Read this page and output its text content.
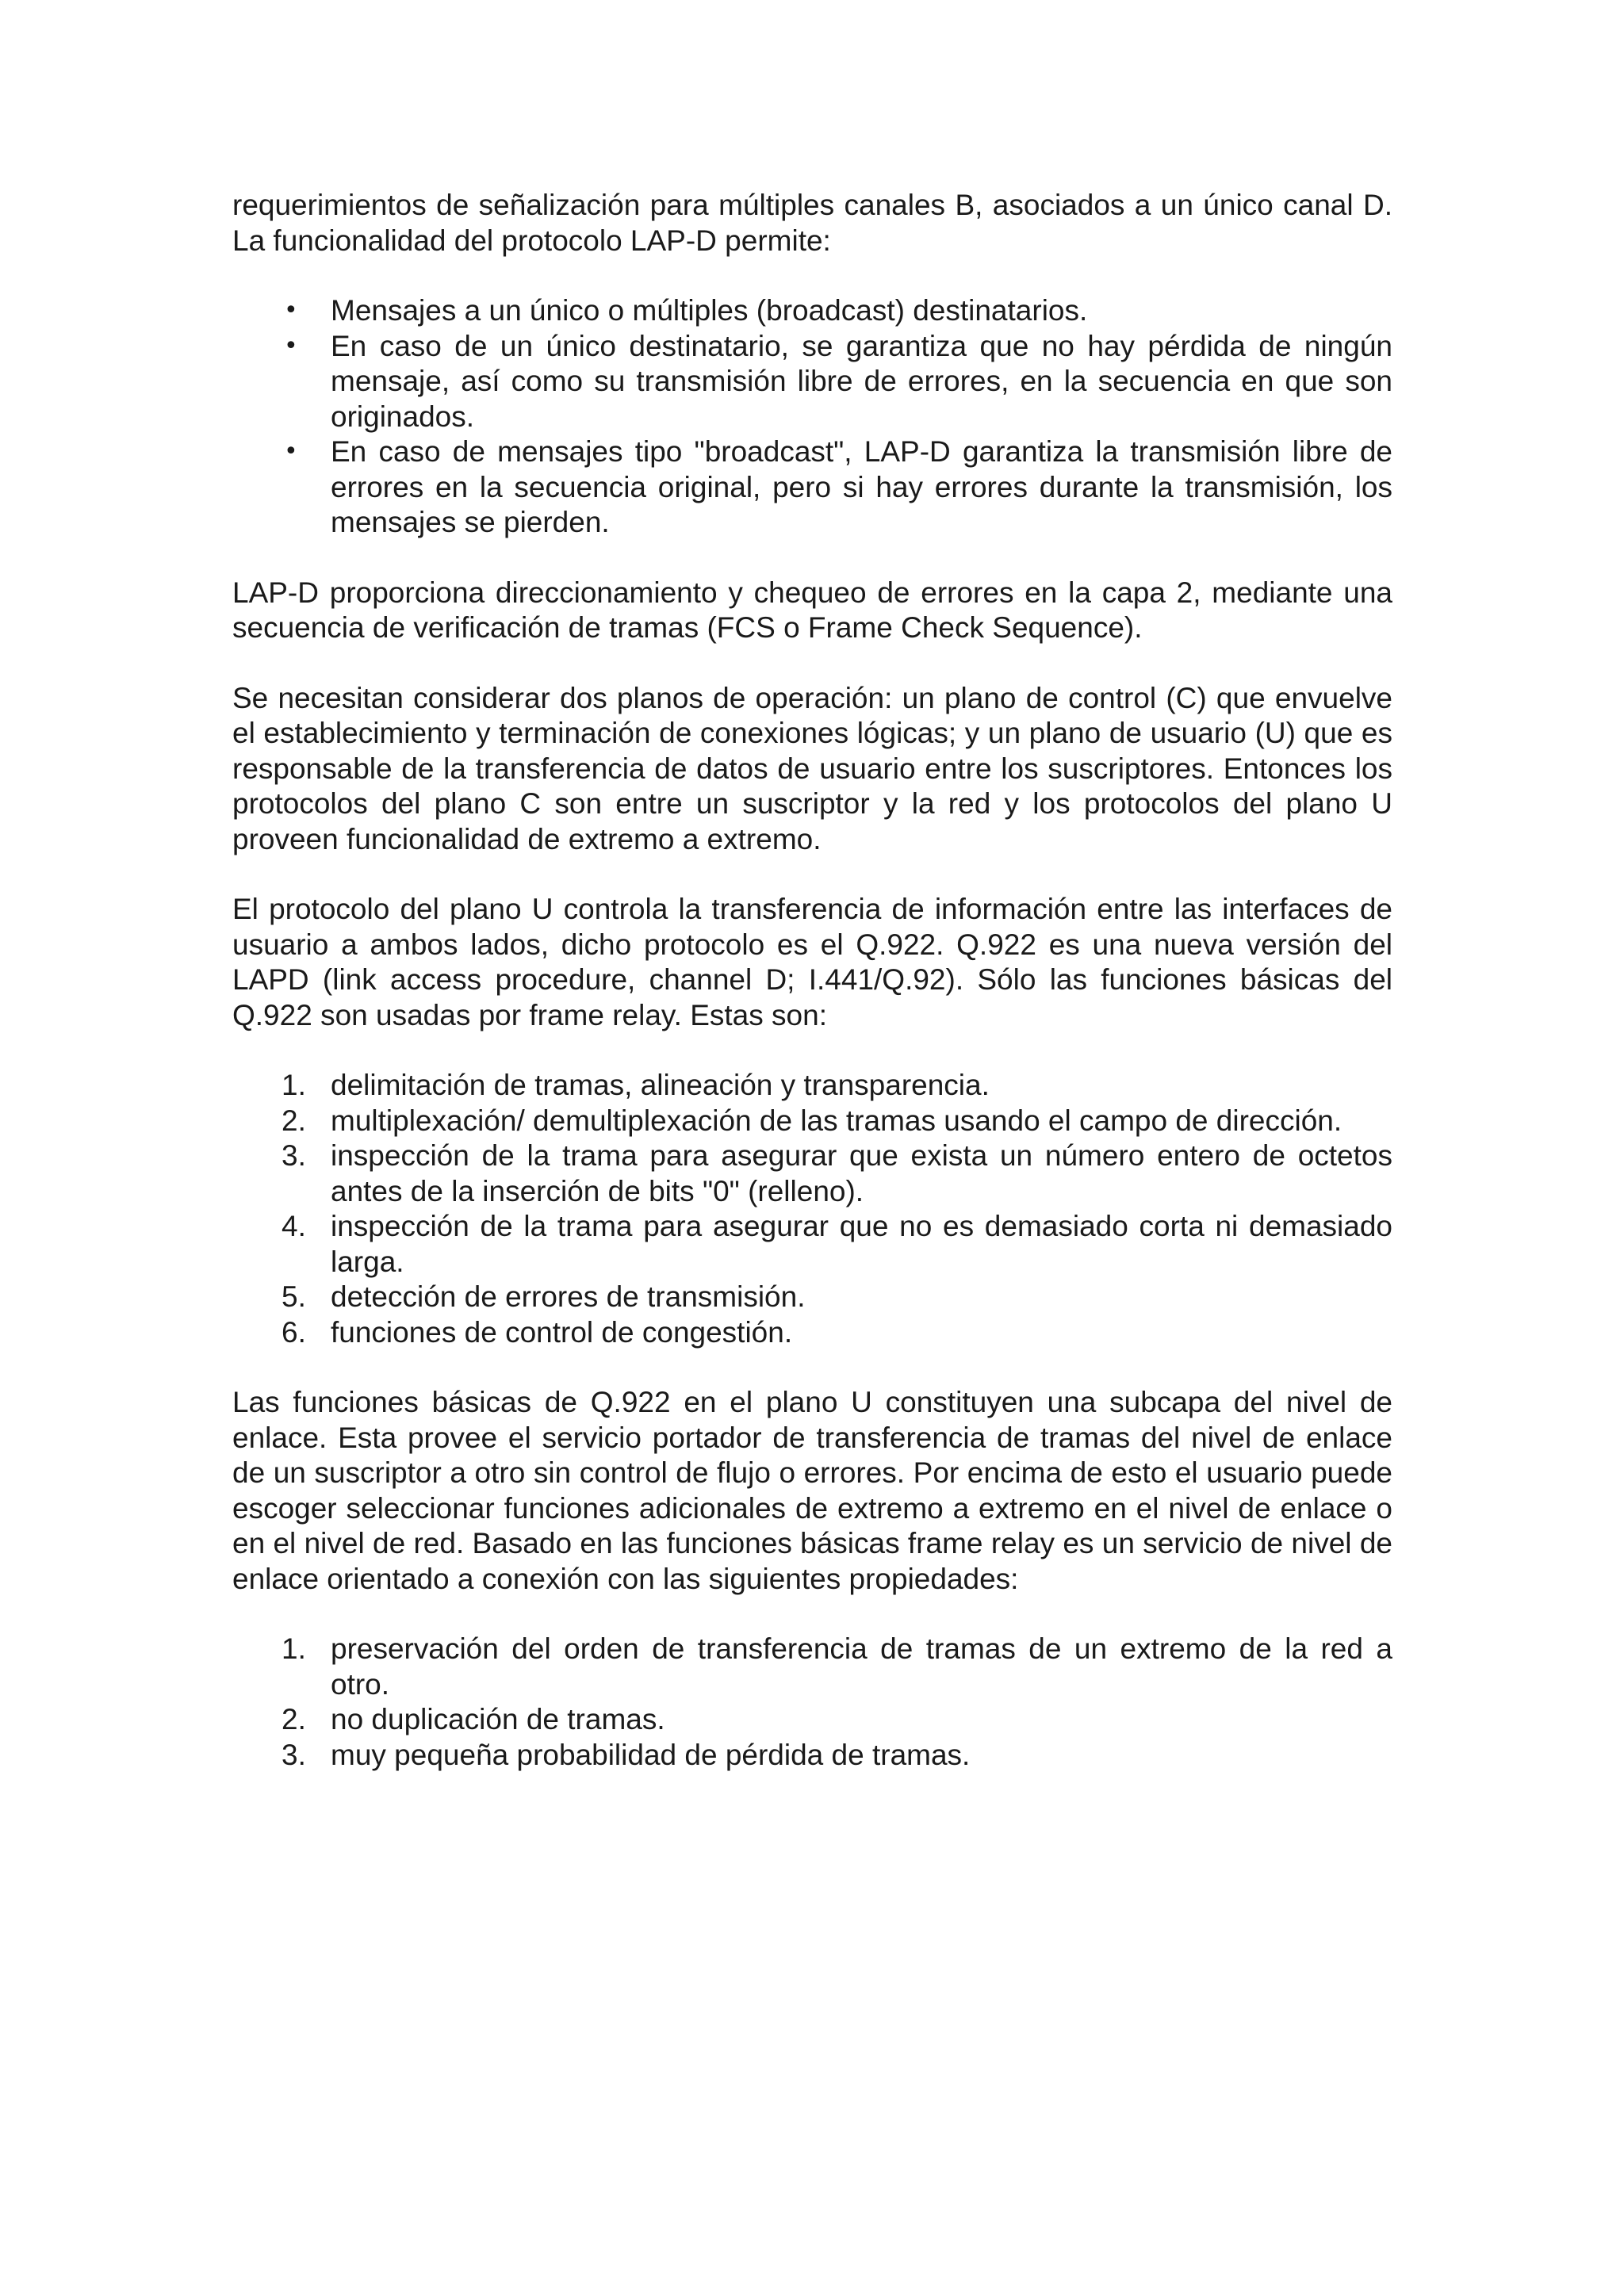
requerimientos de señalización para múltiples canales B, asociados a un único canal D. La funcionalidad del protocolo LAP-D permite:

• Mensajes a un único o múltiples (broadcast) destinatarios.
• En caso de un único destinatario, se garantiza que no hay pérdida de ningún mensaje, así como su transmisión libre de errores, en la secuencia en que son originados.
• En caso de mensajes tipo "broadcast", LAP-D garantiza la transmisión libre de errores en la secuencia original, pero si hay errores durante la transmisión, los mensajes se pierden.

LAP-D proporciona direccionamiento y chequeo de errores en la capa 2, mediante una secuencia de verificación de tramas (FCS o Frame Check Sequence).

Se necesitan considerar dos planos de operación: un plano de control (C) que envuelve el establecimiento y terminación de conexiones lógicas; y un plano de usuario (U) que es responsable de la transferencia de datos de usuario entre los suscriptores. Entonces los protocolos del plano C son entre un suscriptor y la red y los protocolos del plano U proveen funcionalidad de extremo a extremo.

El protocolo del plano U controla la transferencia de información entre las interfaces de usuario a ambos lados, dicho protocolo es el Q.922. Q.922 es una nueva versión del LAPD (link access procedure, channel D; I.441/Q.92). Sólo las funciones básicas del Q.922 son usadas por frame relay. Estas son:

1. delimitación de tramas, alineación y transparencia.
2. multiplexación/ demultiplexación de las tramas usando el campo de dirección.
3. inspección de la trama para asegurar que exista un número entero de octetos antes de la inserción de bits "0" (relleno).
4. inspección de la trama para asegurar que no es demasiado corta ni demasiado larga.
5. detección de errores de transmisión.
6. funciones de control de congestión.

Las funciones básicas de Q.922 en el plano U constituyen una subcapa del nivel de enlace. Esta provee el servicio portador de transferencia de tramas del nivel de enlace de un suscriptor a otro sin control de flujo o errores. Por encima de esto el usuario puede escoger seleccionar funciones adicionales de extremo a extremo en el nivel de enlace o en el nivel de red. Basado en las funciones básicas frame relay es un servicio de nivel de enlace orientado a conexión con las siguientes propiedades:

1. preservación del orden de transferencia de tramas de un extremo de la red a otro.
2. no duplicación de tramas.
3. muy pequeña probabilidad de pérdida de tramas.
